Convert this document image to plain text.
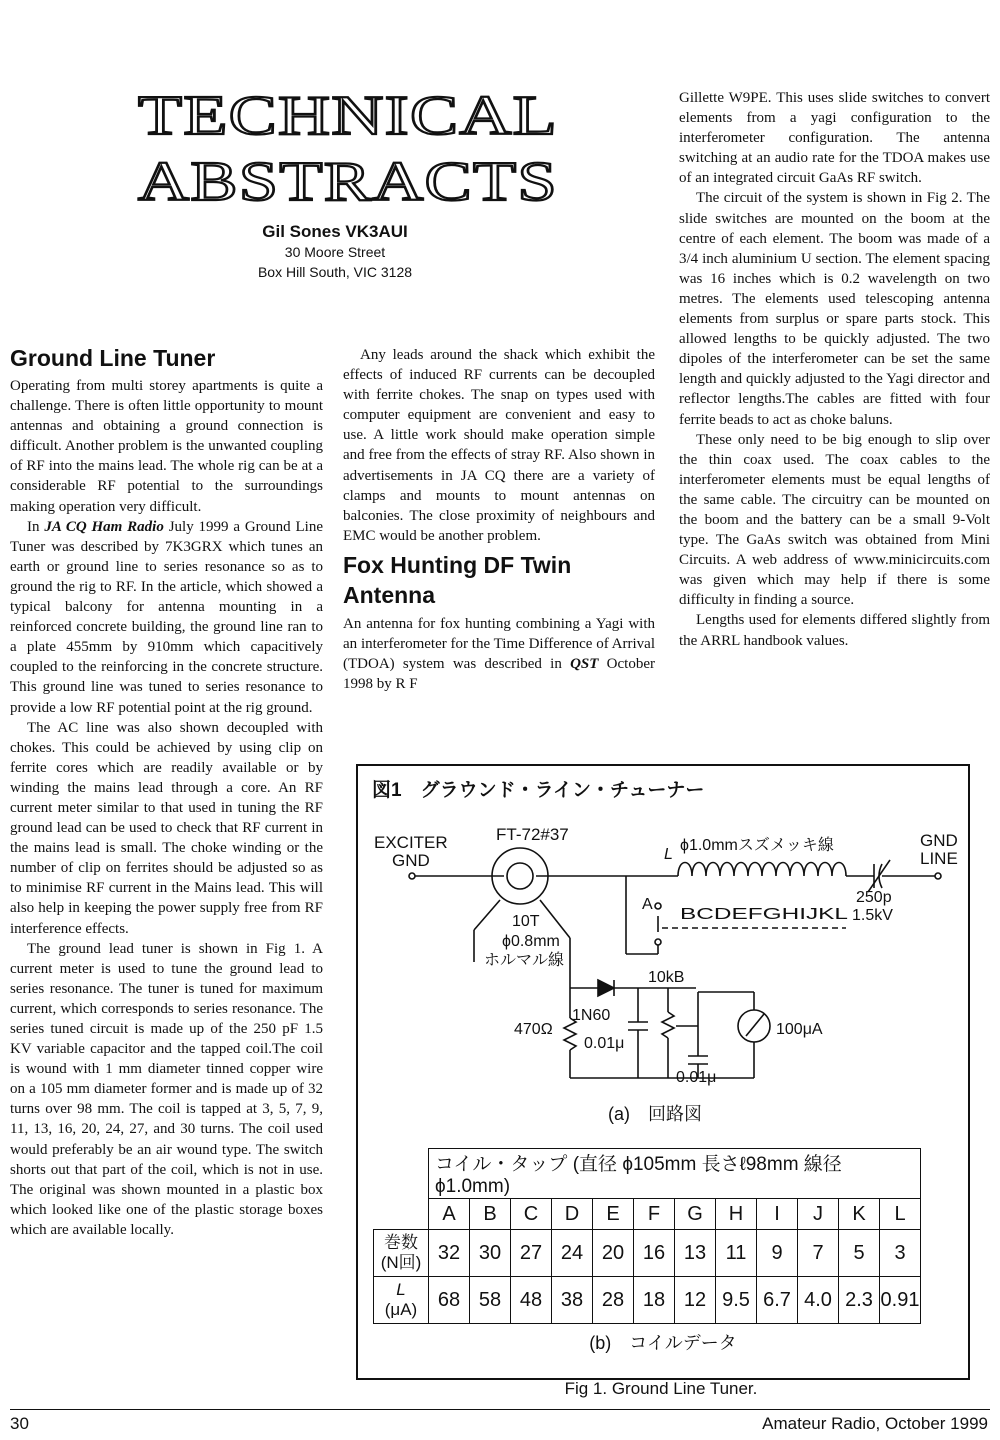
TECHNICAL
ABSTRACTS
Gil Sones VK3AUI
30 Moore Street
Box Hill South, VIC 3128
Ground Line Tuner

Operating from multi storey apartments is quite a challenge. There is often little opportunity to mount antennas and obtaining a ground connection is difficult. Another problem is the unwanted coupling of RF into the mains lead. The whole rig can be at a considerable RF potential to the surroundings making operation very difficult.

In JA CQ Ham Radio July 1999 a Ground Line Tuner was described by 7K3GRX which tunes an earth or ground line to series resonance so as to ground the rig to RF. In the article, which showed a typical balcony for antenna mounting in a reinforced concrete building, the ground line ran to a plate 455mm by 910mm which capacitively coupled to the reinforcing in the concrete structure. This ground line was tuned to series resonance to provide a low RF potential point at the rig ground.

The AC line was also shown decoupled with chokes. This could be achieved by using clip on ferrite cores which are readily available or by winding the mains lead through a core. An RF current meter similar to that used in tuning the RF ground lead can be used to check that RF current in the mains lead is small. The choke winding or the number of clip on ferrites should be adjusted so as to minimise RF current in the Mains lead. This will also help in keeping the power supply free from RF interference effects.

The ground lead tuner is shown in Fig 1. A current meter is used to tune the ground lead to series resonance. The tuner is tuned for maximum current, which corresponds to series resonance. The series tuned circuit is made up of the 250 pF 1.5 KV variable capacitor and the tapped coil.The coil is wound with 1 mm diameter tinned copper wire on a 105 mm diameter former and is made up of 32 turns over 98 mm. The coil is tapped at 3, 5, 7, 9, 11, 13, 16, 20, 24, 27, and 30 turns. The coil used would preferably be an air wound type. The switch shorts out that part of the coil, which is not in use. The original was shown mounted in a plastic box which looked like one of the plastic storage boxes which are available locally.

Any leads around the shack which exhibit the effects of induced RF currents can be decoupled with ferrite chokes. The snap on types used with computer equipment are convenient and easy to use. A little work should make operation simple and free from the effects of stray RF. Also shown in advertisements in JA CQ there are a variety of clamps and mounts to mount antennas on balconies. The close proximity of neighbours and EMC would be another problem.

Fox Hunting DF Twin
Antenna

An antenna for fox hunting combining a Yagi with an interferometer for the Time Difference of Arrival (TDOA) system was described in QST October 1998 by R F

Gillette W9PE. This uses slide switches to convert elements from a yagi configuration to the interferometer configuration. The antenna switching at an audio rate for the TDOA makes use of an integrated circuit GaAs RF switch.

The circuit of the system is shown in Fig 2. The slide switches are mounted on the boom at the centre of each element. The boom was made of a 3/4 inch aluminium U section. The element spacing was 16 inches which is 0.2 wavelength on two metres. The elements used telescoping antenna elements from surplus or spare parts stock. This allowed lengths to be quickly adjusted. The two dipoles of the interferometer can be set the same length and quickly adjusted to the Yagi director and reflector lengths.The cables are fitted with four ferrite beads to act as choke baluns.

These only need to be big enough to slip over the thin coax used. The coax cables to the interferometer elements must be equal lengths of the same cable. The circuitry can be mounted on the boom and the battery can be a small 9-Volt type. The GaAs switch was obtained from Mini Circuits. A web address of www.minicircuits.com was given which may help if there is some difficulty in finding a source.

Lengths used for elements differed slightly from the ARRL handbook values.

図1　グラウンド・ライン・チューナー
EXCITER
GND
FT-72#37
10T
ϕ0.8mm
ホルマル線
L
ϕ1.0mmスズメッキ線	GND
LINE
250p
1.5kV
A
BCDEFGHIJKL
10kB
1N60
470Ω
0.01μ
0.01μ
100μA
(a)　回路図
	コイル・タップ (直径 ϕ105mm 長さℓ98mm 線径 ϕ1.0mm)											
	A	B	C	D	E	F	G	H	I	J	K	L
巻数
(N回)	32	30	27	24	20	16	13	11	9	7	5	3
L
(μA)	68	58	48	38	28	18	12	9.5	6.7	4.0	2.3	0.91
(b)　コイルデータ
Fig 1. Ground Line Tuner.
30	Amateur Radio, October 1999
